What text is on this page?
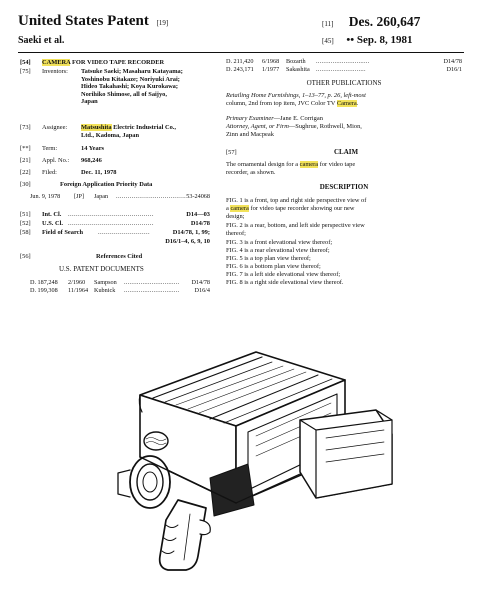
United States Patent [19]	[11] Des. 260,647
Saeki et al.	[45] •• Sep. 8, 1981
[54] CAMERA FOR VIDEO TAPE RECORDER
[75] Inventors: Tatsuke Saeki; Masaharu Katayama;
Yoshinobu Kitakaze; Noriyuki Arai;
Hideo Takahashi; Koya Kurokawa;
Norihiko Shimose, all of Saijyo,
Japan
[73] Assignee: Matsushita Electric Industrial Co.,
Ltd., Kadoma, Japan
[**] Term:	14 Years
[21] Appl. No.: 968,246
[22] Filed:	Dec. 11, 1978
[30]	Foreign Application Priority Data
Jun. 9, 1978 [JP] Japan .................................... 53-24068
[51] Int. Cl. ...........................................	D14—03
[52] U.S. Cl. ...........................................	D14/78
[58] Field of Search ..........................	D14/78, 1, 99;
D16/1–4, 6, 9, 10
[56]	References Cited
U.S. PATENT DOCUMENTS
D. 187,248 2/1960 Sampson .............................. D14/78
D. 199,308 11/1964 Kubnick .............................. D16/4
D. 211,420 6/1968 Bozarth .............................	D14/78
D. 243,171 1/1977 Sakashita ...........................	D16/1
OTHER PUBLICATIONS
Retailing Home Furnishings, 1–13–77, p. 26, left-most
column, 2nd from top item, JVC Color TV Camera.
Primary Examiner—Jane E. Corrigan
Attorney, Agent, or Firm—Sughrue, Rothwell, Mion,
Zinn and Macpeak
[57]	CLAIM
The ornamental design for a camera for video tape
recorder, as shown.
DESCRIPTION
FIG. 1 is a front, top and right side perspective view of
a camera for video tape recorder showing our new
design;
FIG. 2 is a rear, bottom, and left side perspective view
thereof;
FIG. 3 is a front elevational view thereof;
FIG. 4 is a rear elevational view thereof;
FIG. 5 is a top plan view thereof;
FIG. 6 is a bottom plan view thereof;
FIG. 7 is a left side elevational view thereof;
FIG. 8 is a right side elevational view thereof.
